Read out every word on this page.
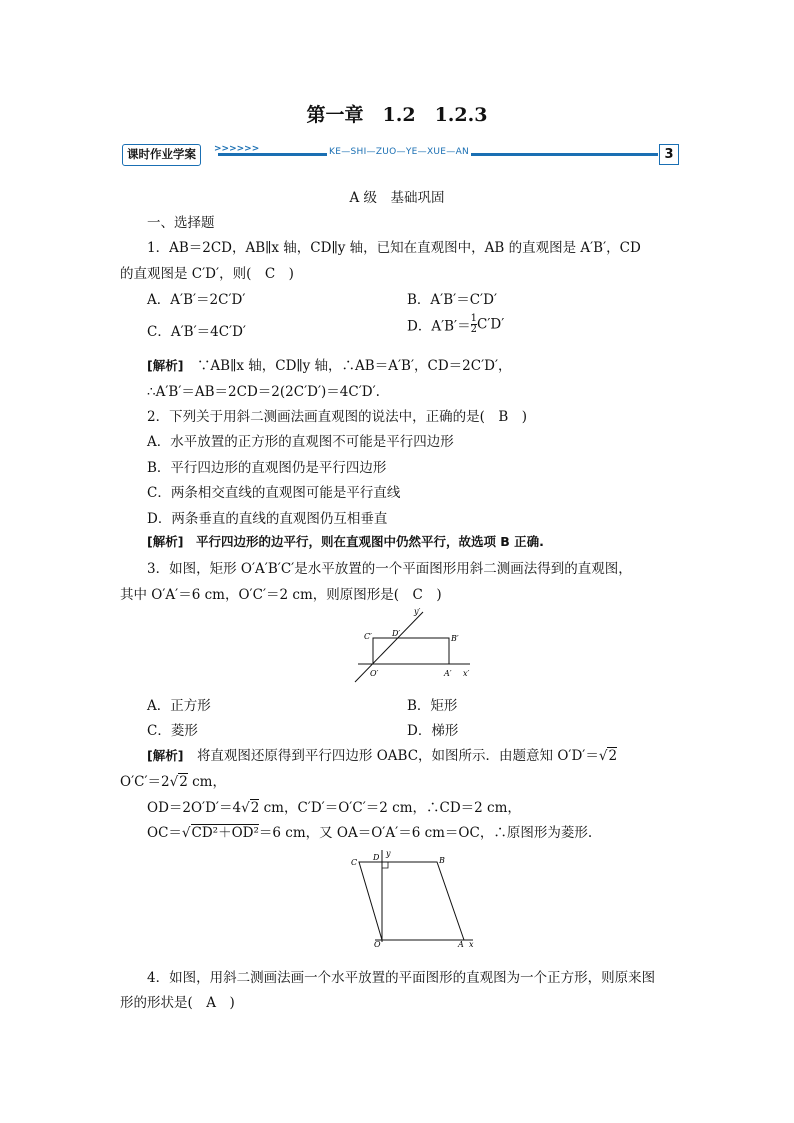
第一章　1.2　1.2.3
课时作业学案	>>>>>>	KE—SHI—ZUO—YE—XUE—AN	3
A 级　基础巩固
一、选择题
1．AB＝2CD，AB∥x 轴，CD∥y 轴，已知在直观图中，AB 的直观图是 A′B′，CD
的直观图是 C′D′，则(　C　)
A．A′B′＝2C′D′	B．A′B′＝C′D′
C．A′B′＝4C′D′	D．$A'B'= \frac{1}{2} C'D'$
[解析]　 ∵AB∥x 轴，CD∥y 轴，∴AB＝A′B′，CD＝2C′D′，
∴A′B′＝AB＝2CD＝2(2C′D′)＝4C′D′.
2．下列关于用斜二测画法画直观图的说法中，正确的是(　B　)
A．水平放置的正方形的直观图不可能是平行四边形
B．平行四边形的直观图仍是平行四边形
C．两条相交直线的直观图可能是平行直线
D．两条垂直的直线的直观图仍互相垂直
[解析]　 平行四边形的边平行，则在直观图中仍然平行，故选项 B 正确.
3．如图，矩形 O′A′B′C′是水平放置的一个平面图形用斜二测画法得到的直观图，
其中 O′A′＝6 cm，O′C′＝2 cm，则原图形是(　C　)
y′
x′
C′	D′
B′
O′	A′
A．正方形	B．矩形
C．菱形	D．梯形
[解析]　 将直观图还原得到平行四边形 OABC，如图所示．由题意知 O′D′＝√2
O′C′＝2√2 cm，
OD＝2O′D′＝4√2 cm，C′D′＝O′C′＝2 cm，∴CD＝2 cm，
OC＝√CD²＋OD²＝6 cm，又 OA＝O′A′＝6 cm＝OC，∴原图形为菱形.
y
x
C
D	B
O	A
4．如图，用斜二测画法画一个水平放置的平面图形的直观图为一个正方形，则原来图
形的形状是(　A　)
